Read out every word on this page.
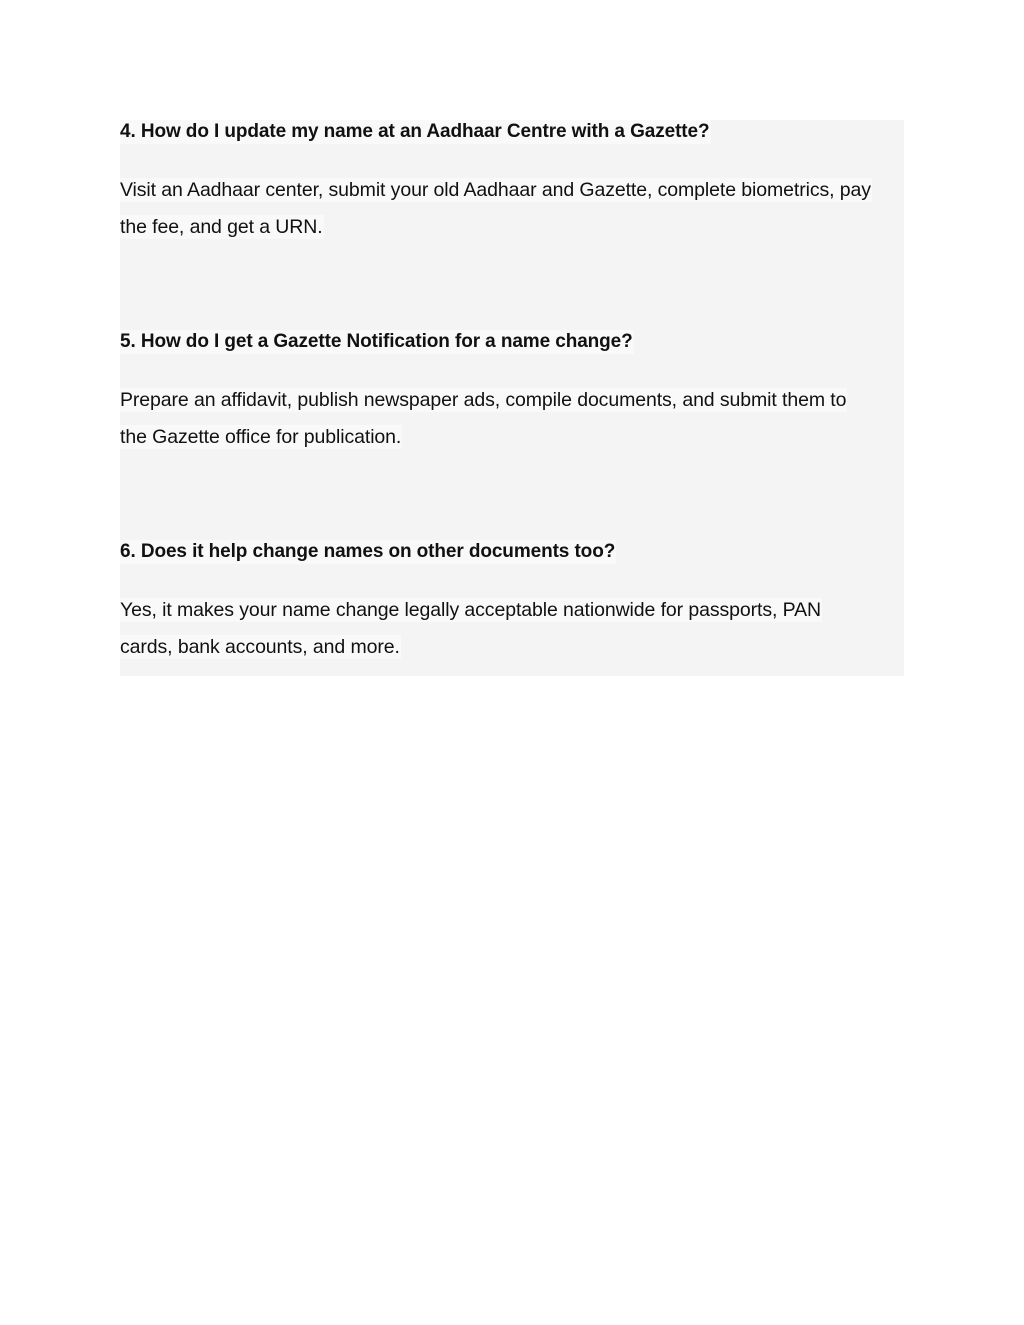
4. How do I update my name at an Aadhaar Centre with a Gazette?

Visit an Aadhaar center, submit your old Aadhaar and Gazette, complete biometrics, pay

the fee, and get a URN.

5. How do I get a Gazette Notification for a name change?

Prepare an affidavit, publish newspaper ads, compile documents, and submit them to

the Gazette office for publication.

6. Does it help change names on other documents too?

Yes, it makes your name change legally acceptable nationwide for passports, PAN

cards, bank accounts, and more.
